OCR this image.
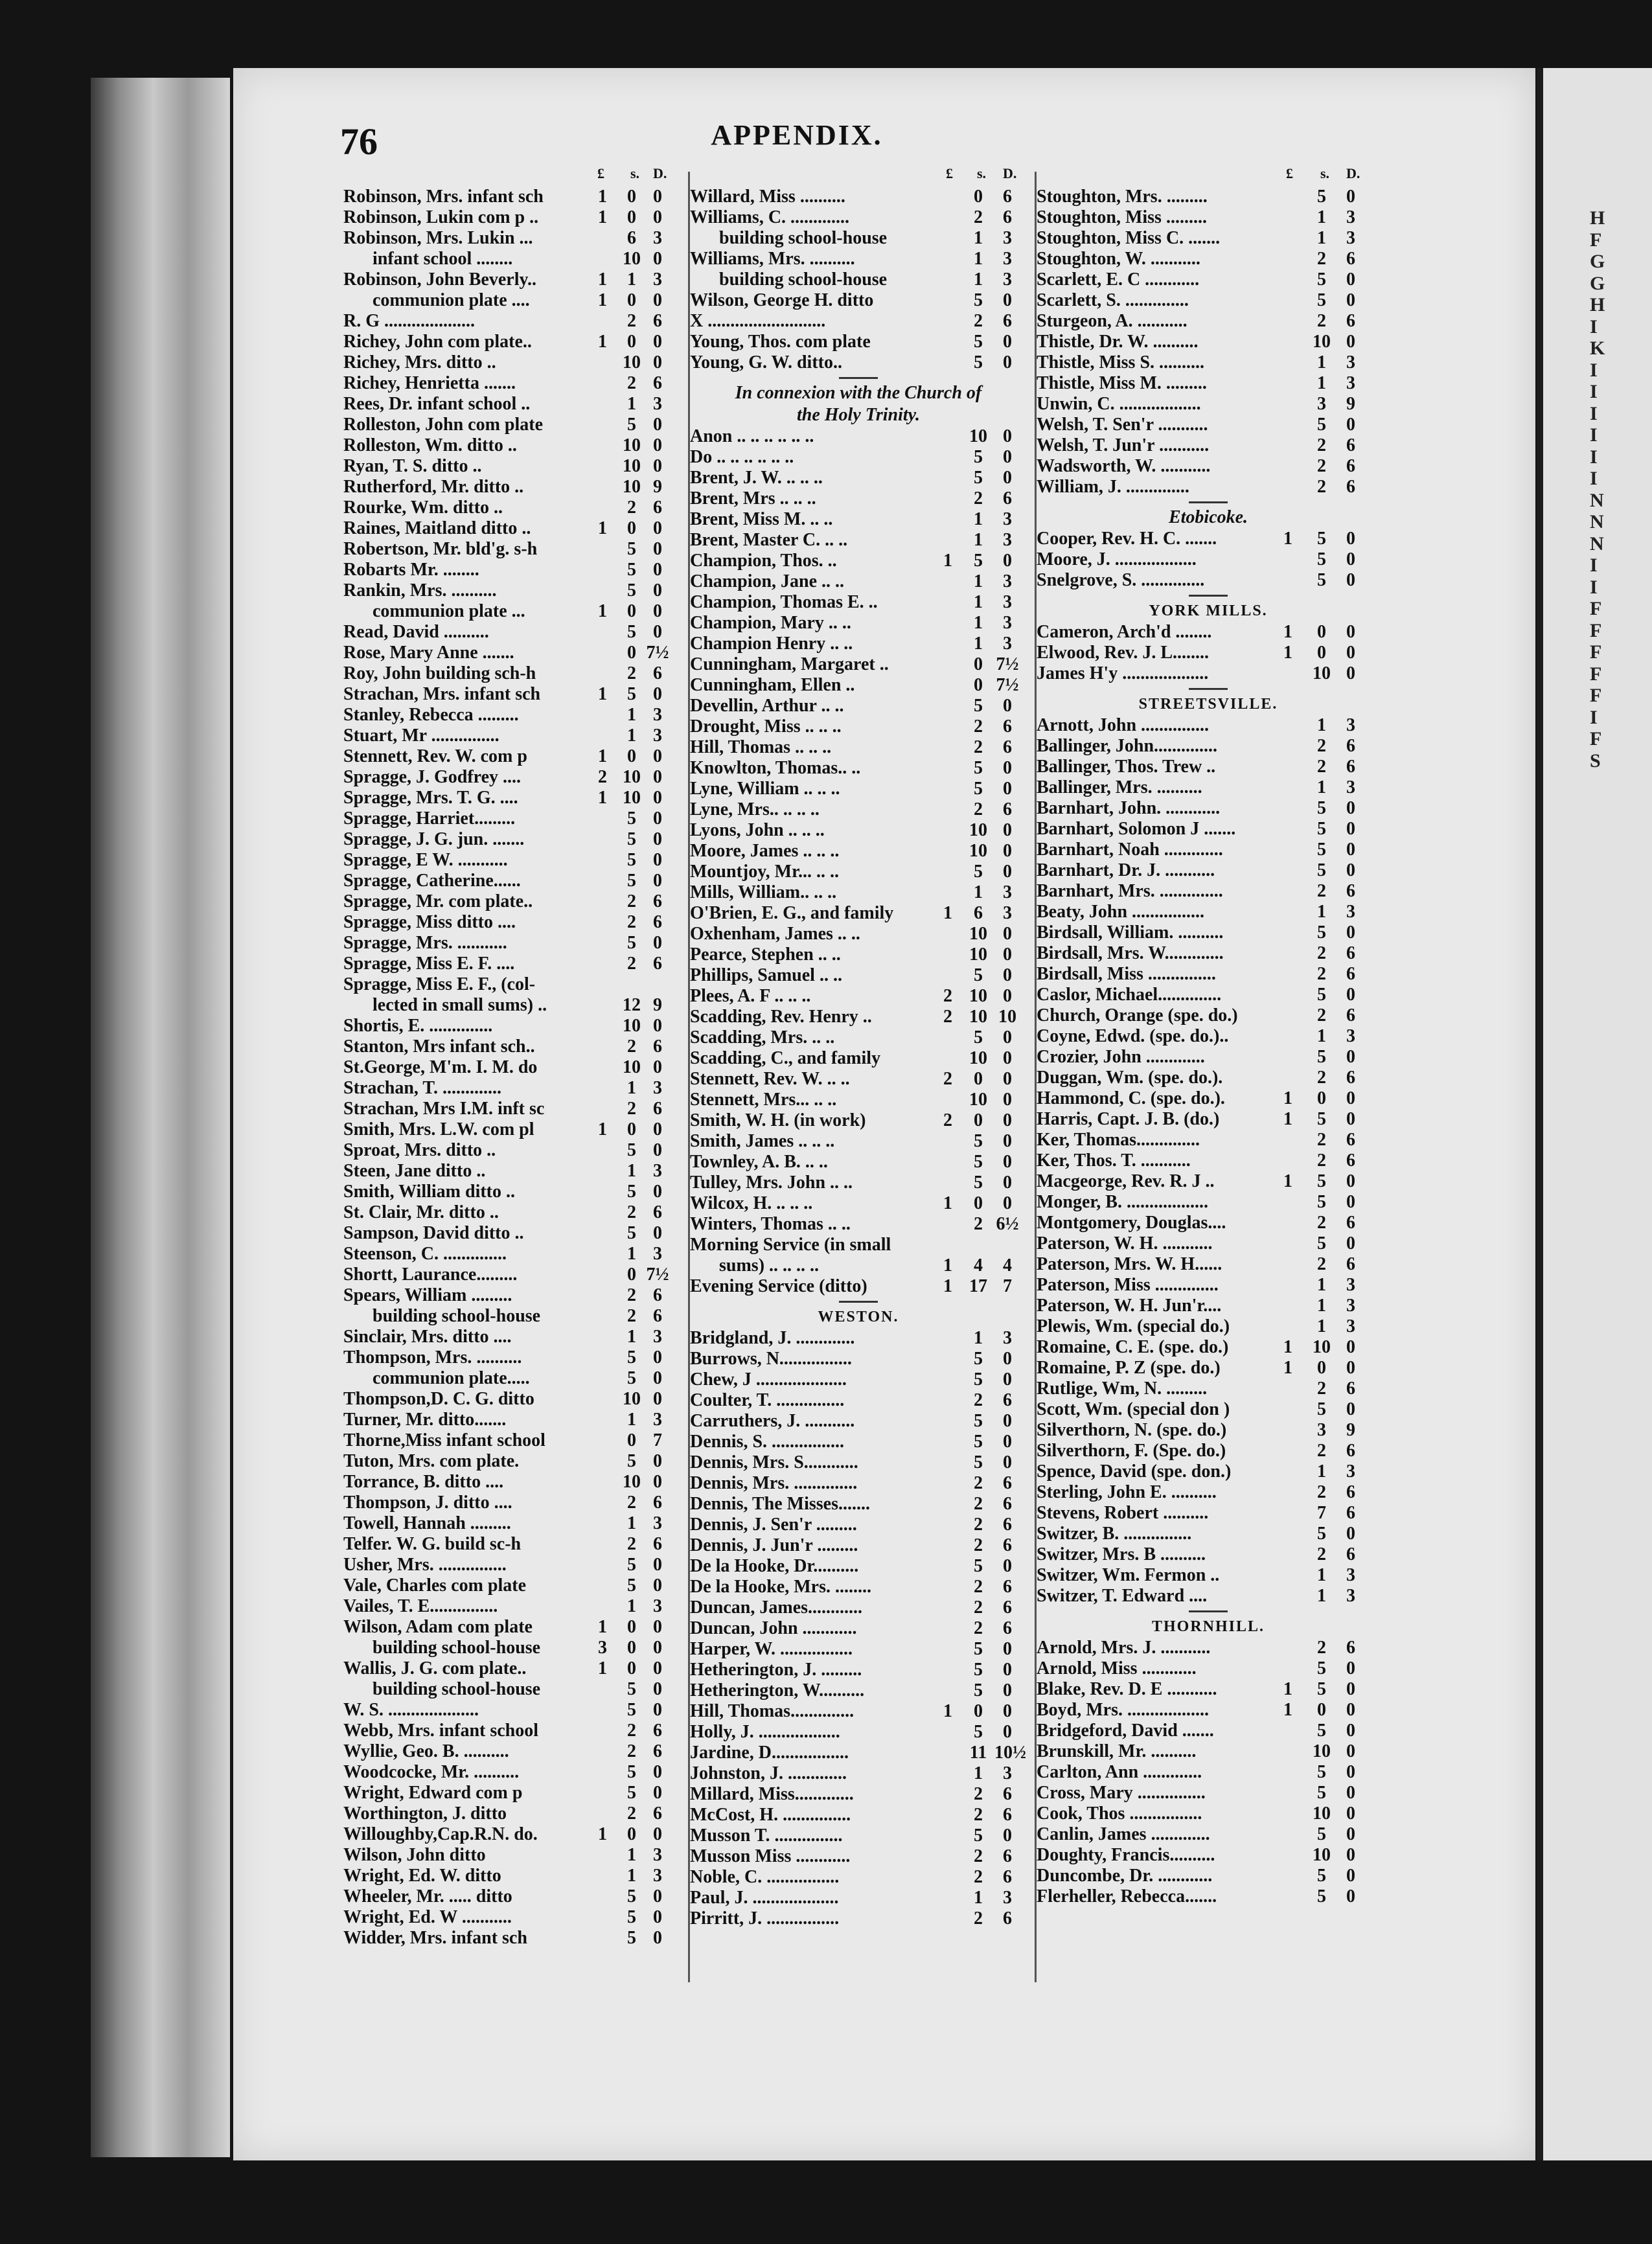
H
F
G
G
H
I
K
I
I
I
I
I
I
N
N
N
I
I
F
F
F
F
F
I
F
S
76	APPENDIX.
£ s. D.
Robinson, Mrs. infant sch	1	0 0
Robinson, Lukin com p ..	1	0 0
Robinson, Mrs. Lukin ...	6 3
infant school ........	10 0
Robinson, John Beverly..	1	1 3
communion plate ....	1	0 0
R. G ....................	2 6
Richey, John com plate..	1	0 0
Richey, Mrs. ditto ..	10 0
Richey, Henrietta .......	2 6
Rees, Dr. infant school ..	1 3
Rolleston, John com plate	5 0
Rolleston, Wm. ditto ..	10 0
Ryan, T. S. ditto ..	10 0
Rutherford, Mr. ditto ..	10 9
Rourke, Wm. ditto ..	2 6
Raines, Maitland ditto ..	1	0 0
Robertson, Mr. bld'g. s-h	5 0
Robarts Mr. ........	5 0
Rankin, Mrs. ..........	5 0
communion plate ...	1	0 0
Read, David ..........	5 0
Rose, Mary Anne .......	0 7½
Roy, John building sch-h	2 6
Strachan, Mrs. infant sch	1	5 0
Stanley, Rebecca .........	1 3
Stuart, Mr ...............	1 3
Stennett, Rev. W. com p	1	0 0
Spragge, J. Godfrey ....	2 10 0
Spragge, Mrs. T. G. ....	1 10 0
Spragge, Harriet.........	5 0
Spragge, J. G. jun. .......	5 0
Spragge, E W. ...........	5 0
Spragge, Catherine......	5 0
Spragge, Mr. com plate..	2 6
Spragge, Miss ditto ....	2 6
Spragge, Mrs. ...........	5 0
Spragge, Miss E. F. ....	2 6
Spragge, Miss E. F., (col-
lected in small sums) ..	12 9
Shortis, E. ..............	10 0
Stanton, Mrs infant sch..	2 6
St.George, M'm. I. M. do	10 0
Strachan, T. .............	1 3
Strachan, Mrs I.M. inft sc	2 6
Smith, Mrs. L.W. com pl	1	0 0
Sproat, Mrs. ditto ..	5 0
Steen, Jane ditto ..	1 3
Smith, William ditto ..	5 0
St. Clair, Mr. ditto ..	2 6
Sampson, David ditto ..	5 0
Steenson, C. ..............	1 3
Shortt, Laurance.........	0 7½
Spears, William .........	2 6
building school-house	2 6
Sinclair, Mrs. ditto ....	1 3
Thompson, Mrs. ..........	5 0
communion plate.....	5 0
Thompson,D. C. G. ditto	10 0
Turner, Mr. ditto.......	1 3
Thorne,Miss infant school	0 7
Tuton, Mrs. com plate.	5 0
Torrance, B. ditto ....	10 0
Thompson, J. ditto ....	2 6
Towell, Hannah .........	1 3
Telfer. W. G. build sc-h	2 6
Usher, Mrs. ...............	5 0
Vale, Charles com plate	5 0
Vailes, T. E...............	1 3
Wilson, Adam com plate	1	0 0
building school-house	3	0 0
Wallis, J. G. com plate..	1	0 0
building school-house	5 0
W. S. ....................	5 0
Webb, Mrs. infant school	2 6
Wyllie, Geo. B. ..........	2 6
Woodcocke, Mr. ..........	5 0
Wright, Edward com p	5 0
Worthington, J. ditto	2 6
Willoughby,Cap.R.N. do.	1	0 0
Wilson, John ditto	1 3
Wright, Ed. W. ditto	1 3
Wheeler, Mr. ..... ditto	5 0
Wright, Ed. W ...........	5 0
Widder, Mrs. infant sch	5 0
£ s. D.
Willard, Miss ..........	0	6
Williams, C. .............	2	6
building school-house	1	3
Williams, Mrs. ..........	1	3
building school-house	1	3
Wilson, George H. ditto	5	0
X ..........................	2	6
Young, Thos. com plate	5	0
Young, G. W. ditto..	5	0
In connexion with the Church of
the Holy Trinity.
Anon .. .. .. .. .. ..	10 0
Do .. .. .. .. .. ..	5	0
Brent, J. W. .. .. ..	5	0
Brent, Mrs .. .. ..	2	6
Brent, Miss M. .. ..	1	3
Brent, Master C. .. ..	1	3
Champion, Thos. ..	1	5	0
Champion, Jane .. ..	1	3
Champion, Thomas E. ..	1	3
Champion, Mary .. ..	1	3
Champion Henry .. ..	1	3
Cunningham, Margaret ..	0 7½
Cunningham, Ellen ..	0 7½
Devellin, Arthur .. ..	5	0
Drought, Miss .. .. ..	2	6
Hill, Thomas .. .. ..	2	6
Knowlton, Thomas.. ..	5	0
Lyne, William .. .. ..	5	0
Lyne, Mrs.. .. .. ..	2	6
Lyons, John .. .. ..	10 0
Moore, James .. .. ..	10 0
Mountjoy, Mr... .. ..	5	0
Mills, William.. .. ..	1	3
O'Brien, E. G., and family	1	6	3
Oxhenham, James .. ..	10 0
Pearce, Stephen .. ..	10 0
Phillips, Samuel .. ..	5	0
Plees, A. F .. .. ..	2 10 0
Scadding, Rev. Henry ..	2 10 10
Scadding, Mrs. .. ..	5	0
Scadding, C., and family	10 0
Stennett, Rev. W. .. ..	2	0	0
Stennett, Mrs... .. ..	10 0
Smith, W. H. (in work)	2	0	0
Smith, James .. .. ..	5	0
Townley, A. B. .. ..	5	0
Tulley, Mrs. John .. ..	5	0
Wilcox, H. .. .. ..	1	0	0
Winters, Thomas .. ..	2 6½
Morning Service (in small
sums) .. .. .. ..	1	4	4
Evening Service (ditto)	1 17 7
WESTON.
Bridgland, J. .............	1	3
Burrows, N................	5	0
Chew, J ....................	5	0
Coulter, T. ...............	2	6
Carruthers, J. ...........	5	0
Dennis, S. ................	5	0
Dennis, Mrs. S............	5	0
Dennis, Mrs. ..............	2	6
Dennis, The Misses.......	2	6
Dennis, J. Sen'r .........	2	6
Dennis, J. Jun'r .........	2	6
De la Hooke, Dr..........	5	0
De la Hooke, Mrs. ........	2	6
Duncan, James............	2	6
Duncan, John ............	2	6
Harper, W. ................	5	0
Hetherington, J. .........	5	0
Hetherington, W..........	5	0
Hill, Thomas..............	1	0	0
Holly, J. ..................	5	0
Jardine, D.................	11 10½
Johnston, J. .............	1	3
Millard, Miss.............	2	6
McCost, H. ...............	2	6
Musson T. ...............	5	0
Musson Miss ............	2	6
Noble, C. ................	2	6
Paul, J. ...................	1	3
Pirritt, J. ................	2	6
£ s. D.
Stoughton, Mrs. .........	5	0
Stoughton, Miss .........	1	3
Stoughton, Miss C. .......	1	3
Stoughton, W. ...........	2	6
Scarlett, E. C ............	5	0
Scarlett, S. ..............	5	0
Sturgeon, A. ...........	2	6
Thistle, Dr. W. ..........	10 0
Thistle, Miss S. ..........	1	3
Thistle, Miss M. .........	1	3
Unwin, C. ..................	3	9
Welsh, T. Sen'r ...........	5	0
Welsh, T. Jun'r ...........	2	6
Wadsworth, W. ...........	2	6
William, J. ..............	2	6
Etobicoke.
Cooper, Rev. H. C. .......	1	5	0
Moore, J. ..................	5	0
Snelgrove, S. ..............	5	0
YORK MILLS.
Cameron, Arch'd ........	1	0	0
Elwood, Rev. J. L........	1	0	0
James H'y ...................	10 0
STREETSVILLE.
Arnott, John ...............	1	3
Ballinger, John..............	2	6
Ballinger, Thos. Trew ..	2	6
Ballinger, Mrs. ..........	1	3
Barnhart, John. ............	5	0
Barnhart, Solomon J .......	5	0
Barnhart, Noah .............	5	0
Barnhart, Dr. J. ...........	5	0
Barnhart, Mrs. ..............	2	6
Beaty, John ................	1	3
Birdsall, William. ..........	5	0
Birdsall, Mrs. W.............	2	6
Birdsall, Miss ...............	2	6
Caslor, Michael..............	5	0
Church, Orange (spe. do.)	2	6
Coyne, Edwd. (spe. do.)..	1	3
Crozier, John .............	5	0
Duggan, Wm. (spe. do.).	2	6
Hammond, C. (spe. do.).	1	0	0
Harris, Capt. J. B. (do.)	1	5	0
Ker, Thomas..............	2	6
Ker, Thos. T. ...........	2	6
Macgeorge, Rev. R. J ..	1	5	0
Monger, B. ..................	5	0
Montgomery, Douglas....	2	6
Paterson, W. H. ...........	5	0
Paterson, Mrs. W. H......	2	6
Paterson, Miss ..............	1	3
Paterson, W. H. Jun'r....	1	3
Plewis, Wm. (special do.)	1	3
Romaine, C. E. (spe. do.)	1	10 0
Romaine, P. Z (spe. do.)	1	0	0
Rutlige, Wm, N. .........	2	6
Scott, Wm. (special don )	5	0
Silverthorn, N. (spe. do.)	3	9
Silverthorn, F. (Spe. do.)	2	6
Spence, David (spe. don.)	1	3
Sterling, John E. ..........	2	6
Stevens, Robert ..........	7	6
Switzer, B. ...............	5	0
Switzer, Mrs. B ..........	2	6
Switzer, Wm. Fermon ..	1	3
Switzer, T. Edward ....	1	3
THORNHILL.
Arnold, Mrs. J. ...........	2	6
Arnold, Miss ............	5	0
Blake, Rev. D. E ...........	1	5	0
Boyd, Mrs. ..................	1	0	0
Bridgeford, David .......	5	0
Brunskill, Mr. ..........	10 0
Carlton, Ann .............	5	0
Cross, Mary ...............	5	0
Cook, Thos ................	10 0
Canlin, James .............	5	0
Doughty, Francis..........	10 0
Duncombe, Dr. ............	5	0
Flerheller, Rebecca.......	5	0
